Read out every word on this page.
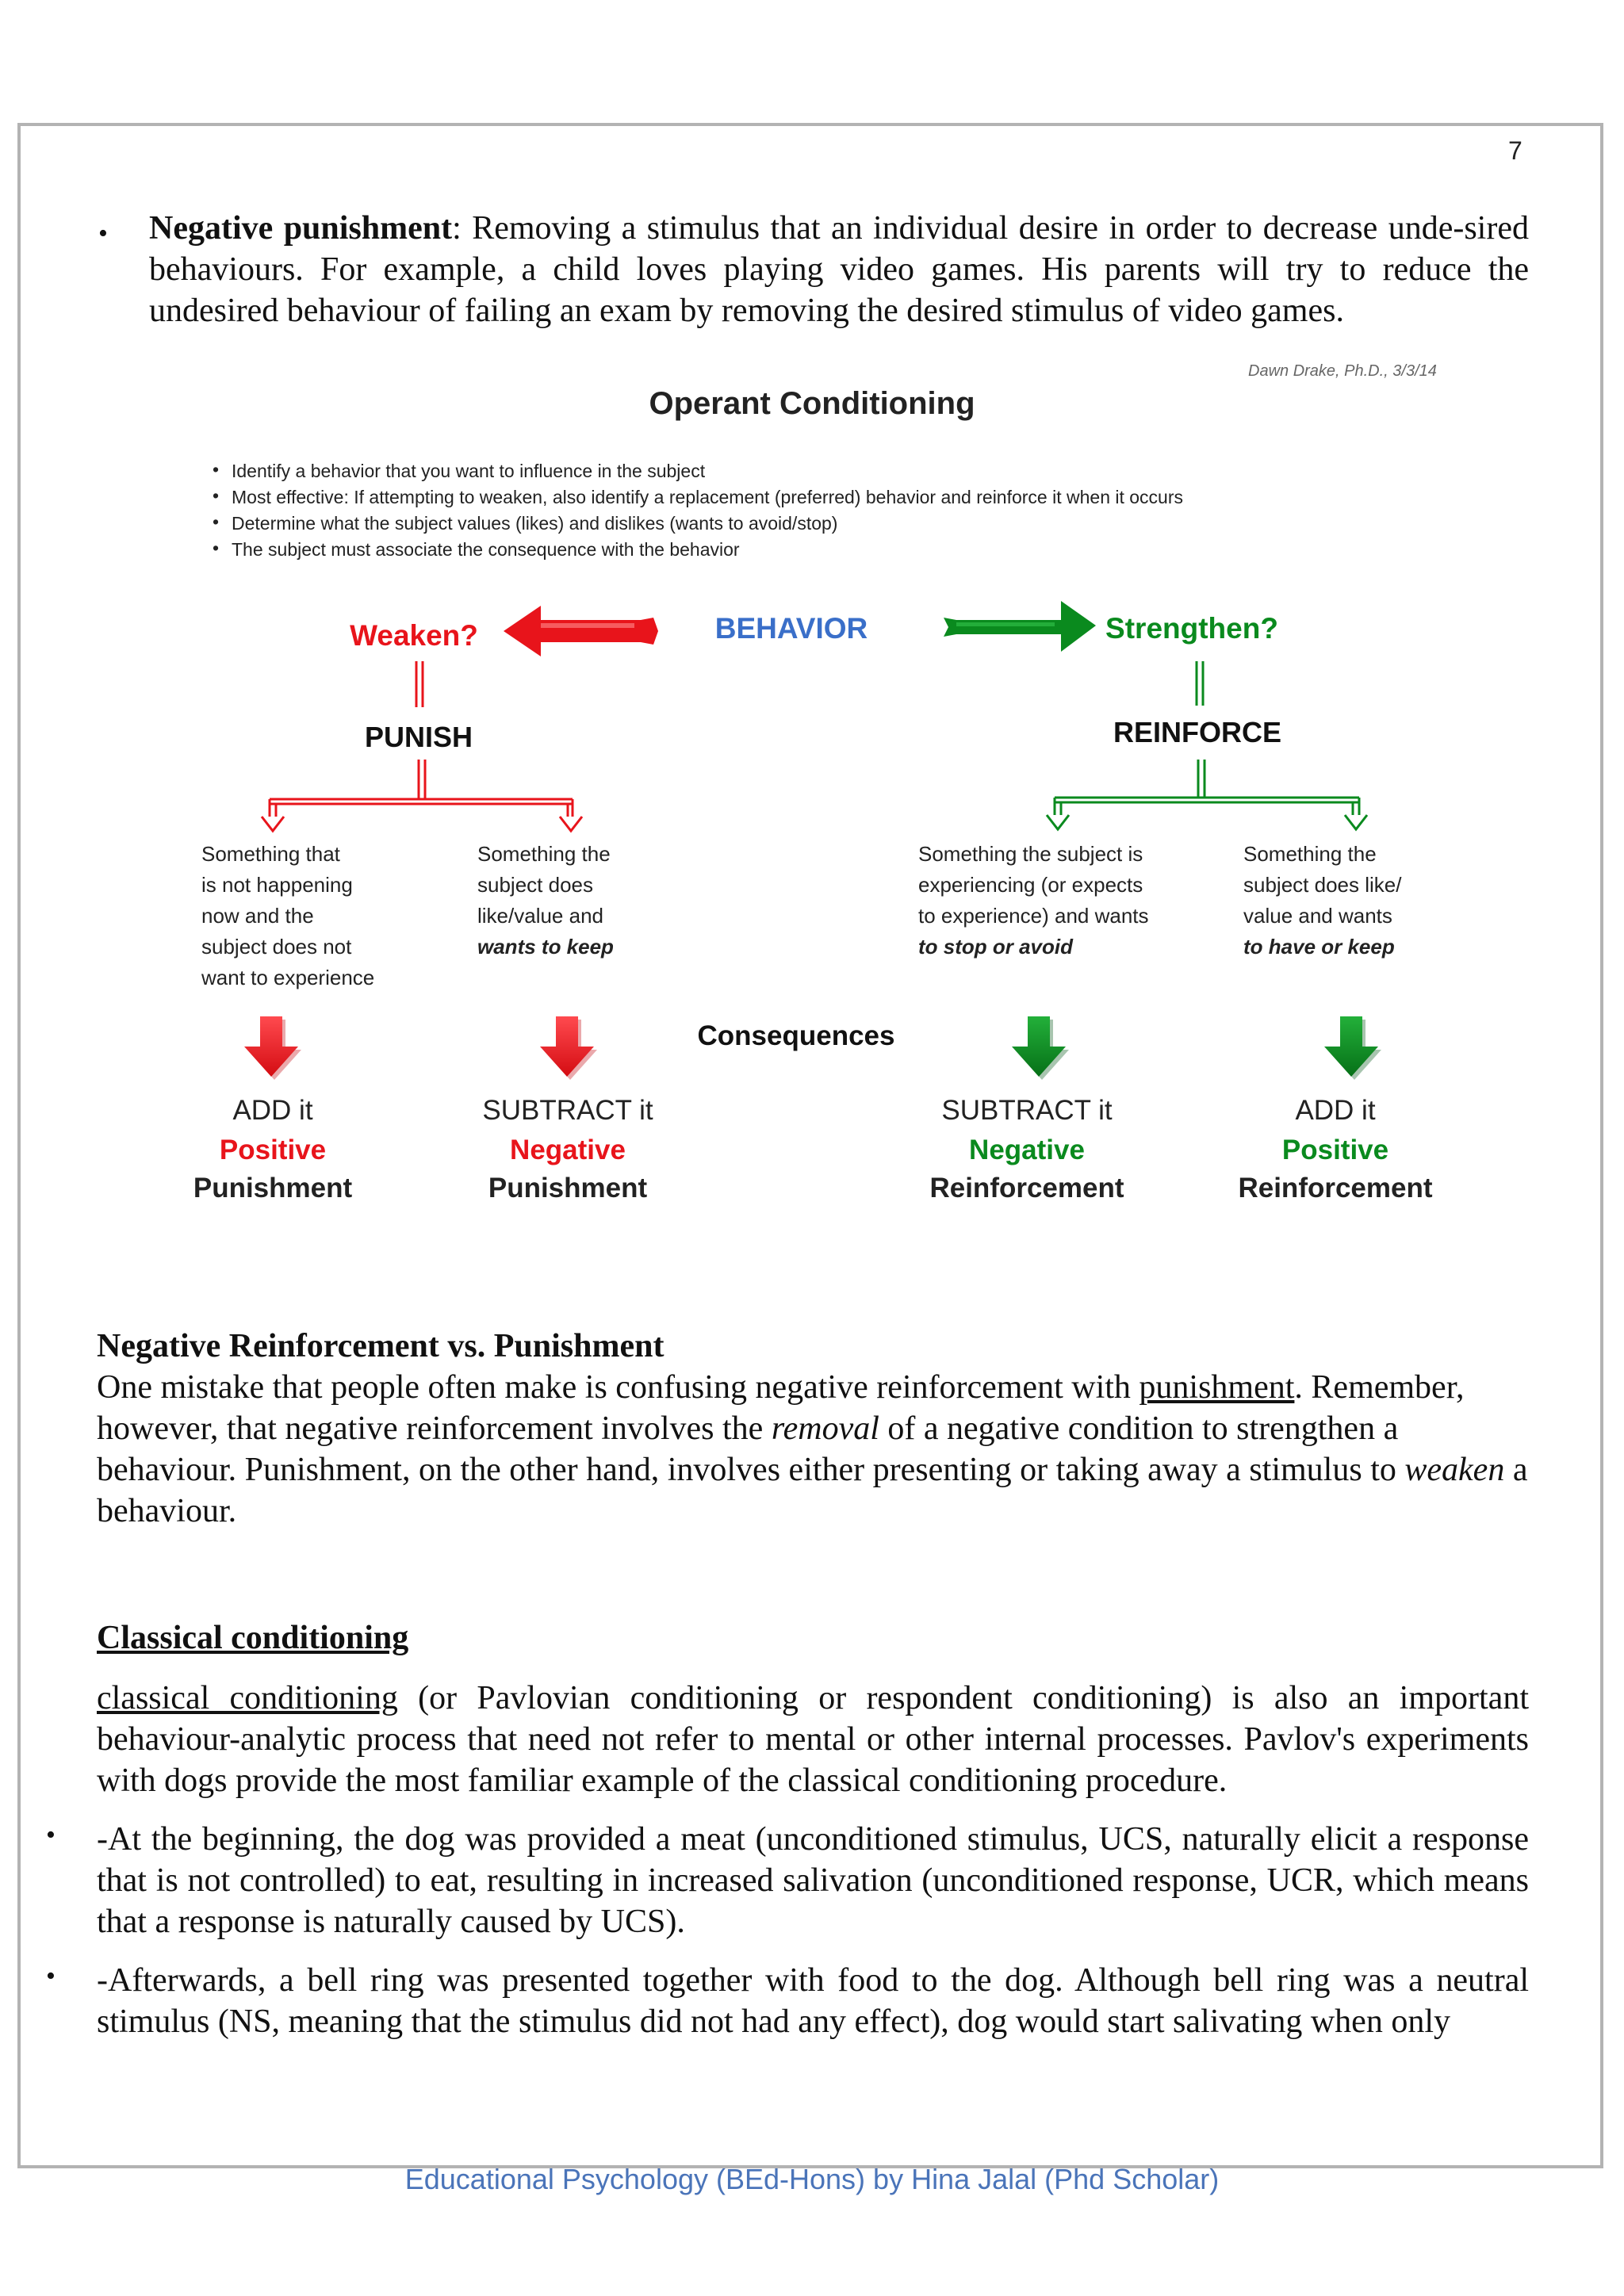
7
• Negative punishment: Removing a stimulus that an individual desire in order to decrease unde-sired behaviours. For example, a child loves playing video games. His parents will try to reduce the undesired behaviour of failing an exam by removing the desired stimulus of video games.
Dawn Drake, Ph.D., 3/3/14
Operant Conditioning
• Identify a behavior that you want to influence in the subject
• Most effective: If attempting to weaken, also identify a replacement (preferred) behavior and reinforce it when it occurs
• Determine what the subject values (likes) and dislikes (wants to avoid/stop)
• The subject must associate the consequence with the behavior
BEHAVIOR
Weaken?	Strengthen?
PUNISH	REINFORCE
Something that
is not happening
now and the
subject does not
want to experience
Something the
subject does
like/value and
wants to keep
Something the subject is
experiencing (or expects
to experience) and wants
to stop or avoid
Something the
subject does like/
value and wants
to have or keep
Consequences
ADD it
Positive
Punishment
SUBTRACT it
Negative
Punishment
SUBTRACT it
Negative
Reinforcement
ADD it
Positive
Reinforcement
Negative Reinforcement vs. Punishment
One mistake that people often make is confusing negative reinforcement with punishment. Remember, however, that negative reinforcement involves the removal of a negative condition to strengthen a behaviour. Punishment, on the other hand, involves either presenting or taking away a stimulus to weaken a behaviour.
Classical conditioning
classical conditioning (or Pavlovian conditioning or respondent conditioning) is also an important behaviour-analytic process that need not refer to mental or other internal processes. Pavlov's experiments with dogs provide the most familiar example of the classical conditioning procedure.
• -At the beginning, the dog was provided a meat (unconditioned stimulus, UCS, naturally elicit a response that is not controlled) to eat, resulting in increased salivation (unconditioned response, UCR, which means that a response is naturally caused by UCS).
• -Afterwards, a bell ring was presented together with food to the dog. Although bell ring was a neutral stimulus (NS, meaning that the stimulus did not had any effect), dog would start salivating when only
Educational Psychology (BEd-Hons) by Hina Jalal (Phd Scholar)
